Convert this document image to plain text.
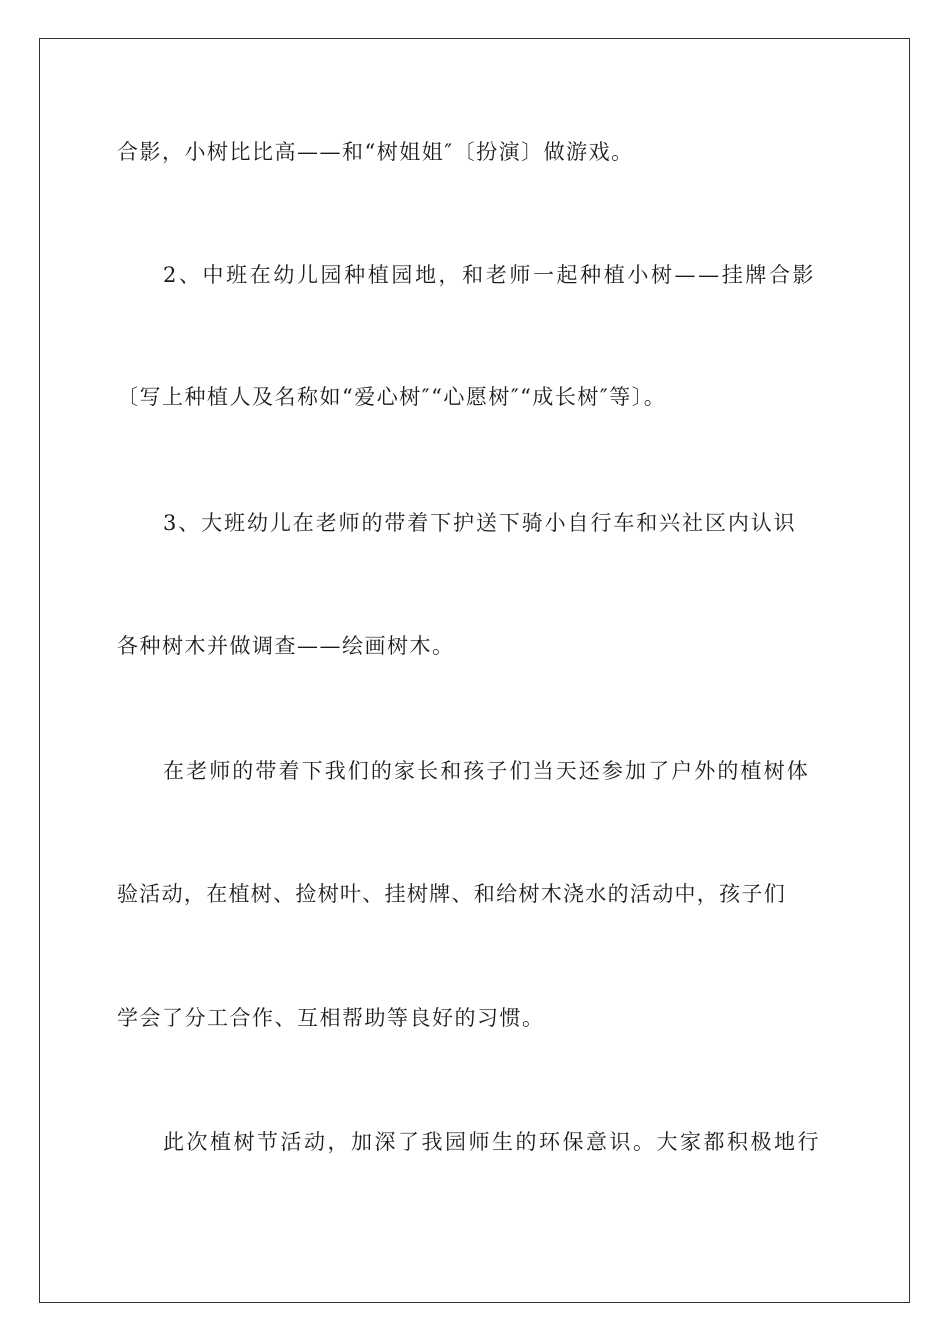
合影，小树比比高——和“树姐姐″〔扮演〕做游戏。
2、中班在幼儿园种植园地，和老师一起种植小树——挂牌合影
〔写上种植人及名称如“爱心树″“心愿树″“成长树″等〕。
3、大班幼儿在老师的带着下护送下骑小自行车和兴社区内认识
各种树木并做调查——绘画树木。
在老师的带着下我们的家长和孩子们当天还参加了户外的植树体
验活动，在植树、捡树叶、挂树牌、和给树木浇水的活动中，孩子们
学会了分工合作、互相帮助等良好的习惯。
此次植树节活动，加深了我园师生的环保意识。大家都积极地行
